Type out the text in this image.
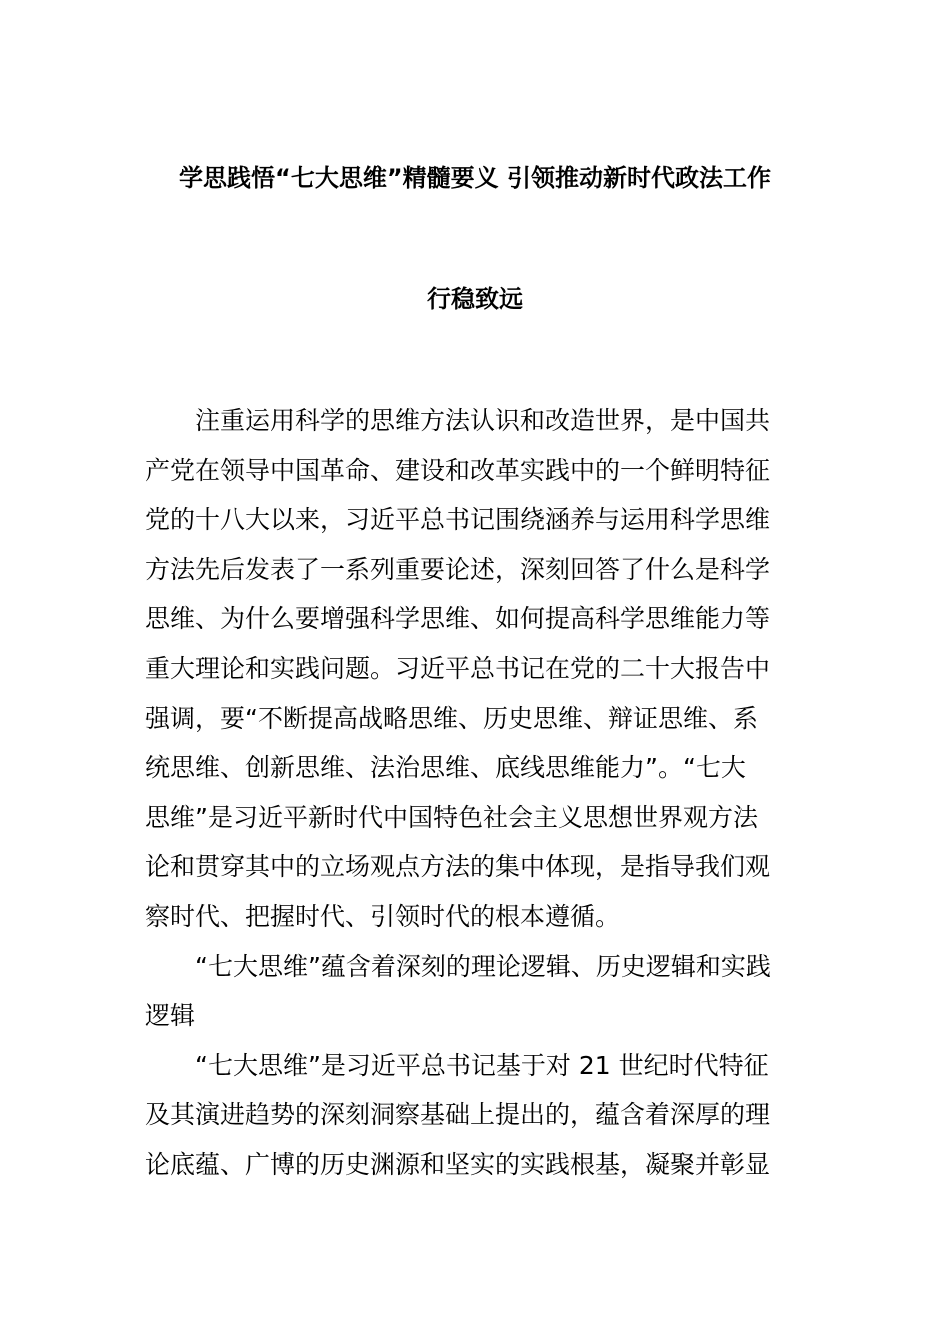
学思践悟“七大思维”精髓要义 引领推动新时代政法工作
行稳致远
注重运用科学的思维方法认识和改造世界，是中国共
产党在领导中国革命、建设和改革实践中的一个鲜明特征
党的十八大以来，习近平总书记围绕涵养与运用科学思维
方法先后发表了一系列重要论述，深刻回答了什么是科学
思维、为什么要增强科学思维、如何提高科学思维能力等
重大理论和实践问题。习近平总书记在党的二十大报告中
强调，要“不断提高战略思维、历史思维、辩证思维、系
统思维、创新思维、法治思维、底线思维能力”。“七大
思维”是习近平新时代中国特色社会主义思想世界观方法
论和贯穿其中的立场观点方法的集中体现，是指导我们观
察时代、把握时代、引领时代的根本遵循。
“七大思维”蕴含着深刻的理论逻辑、历史逻辑和实践
逻辑
“七大思维”是习近平总书记基于对 21 世纪时代特征
及其演进趋势的深刻洞察基础上提出的，蕴含着深厚的理
论底蕴、广博的历史渊源和坚实的实践根基，凝聚并彰显
